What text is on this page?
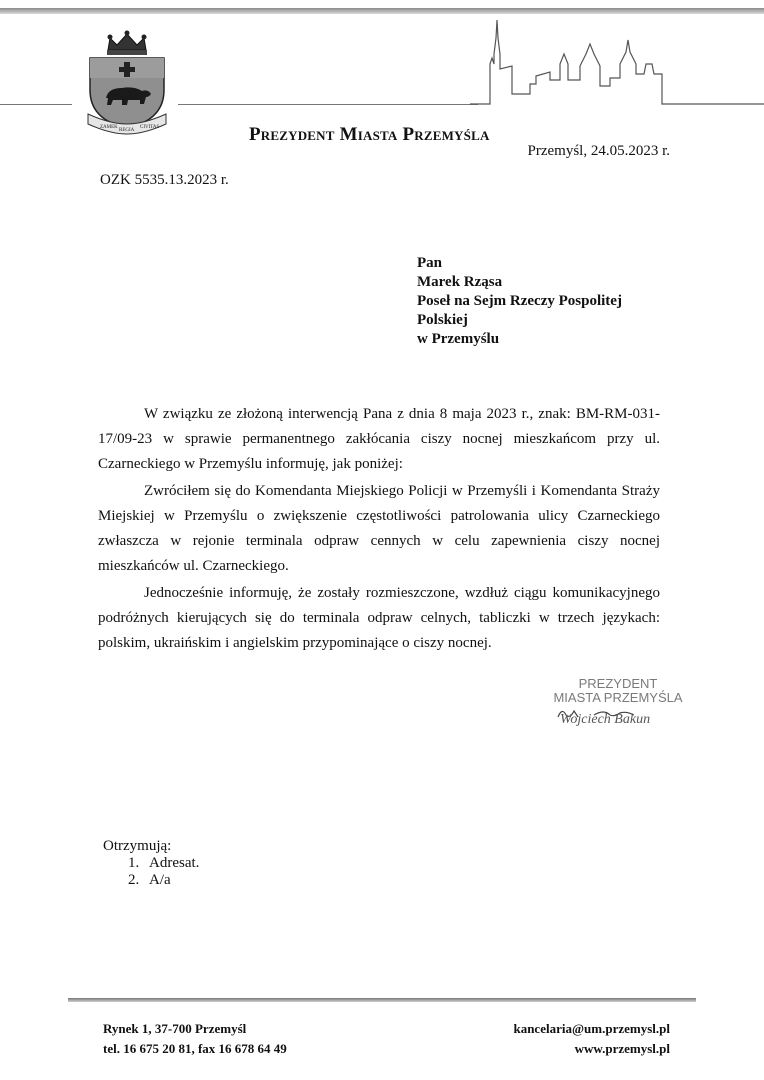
ZAMEK
REGIA
CIVITAS	Prezydent Miasta Przemyśla
Przemyśl, 24.05.2023 r.
OZK 5535.13.2023 r.
Pan
Marek Rząsa
Poseł na Sejm Rzeczy Pospolitej
Polskiej
w Przemyślu

W związku ze złożoną interwencją Pana z dnia 8 maja 2023 r., znak: BM-RM-031-17/09-23 w sprawie permanentnego zakłócania ciszy nocnej mieszkańcom przy ul. Czarneckiego w Przemyślu informuję, jak poniżej:

Zwróciłem się do Komendanta Miejskiego Policji w Przemyśli i Komendanta Straży Miejskiej w Przemyślu o zwiększenie częstotliwości patrolowania ulicy Czarneckiego zwłaszcza w rejonie terminala odpraw cennych w celu zapewnienia ciszy nocnej mieszkańców ul. Czarneckiego.

Jednocześnie informuję, że zostały rozmieszczone, wzdłuż ciągu komunikacyjnego podróżnych kierujących się do terminala odpraw celnych, tabliczki w trzech językach: polskim, ukraińskim i angielskim przypominające o ciszy nocnej.

PREZYDENT
MIASTA PRZEMYŚLA
Wojciech Bakun
Otrzymują:
1. Adresat.
2. A/a
Rynek 1, 37-700 Przemyśl
tel. 16 675 20 81, fax 16 678 64 49
kancelaria@um.przemysl.pl
www.przemysl.pl
